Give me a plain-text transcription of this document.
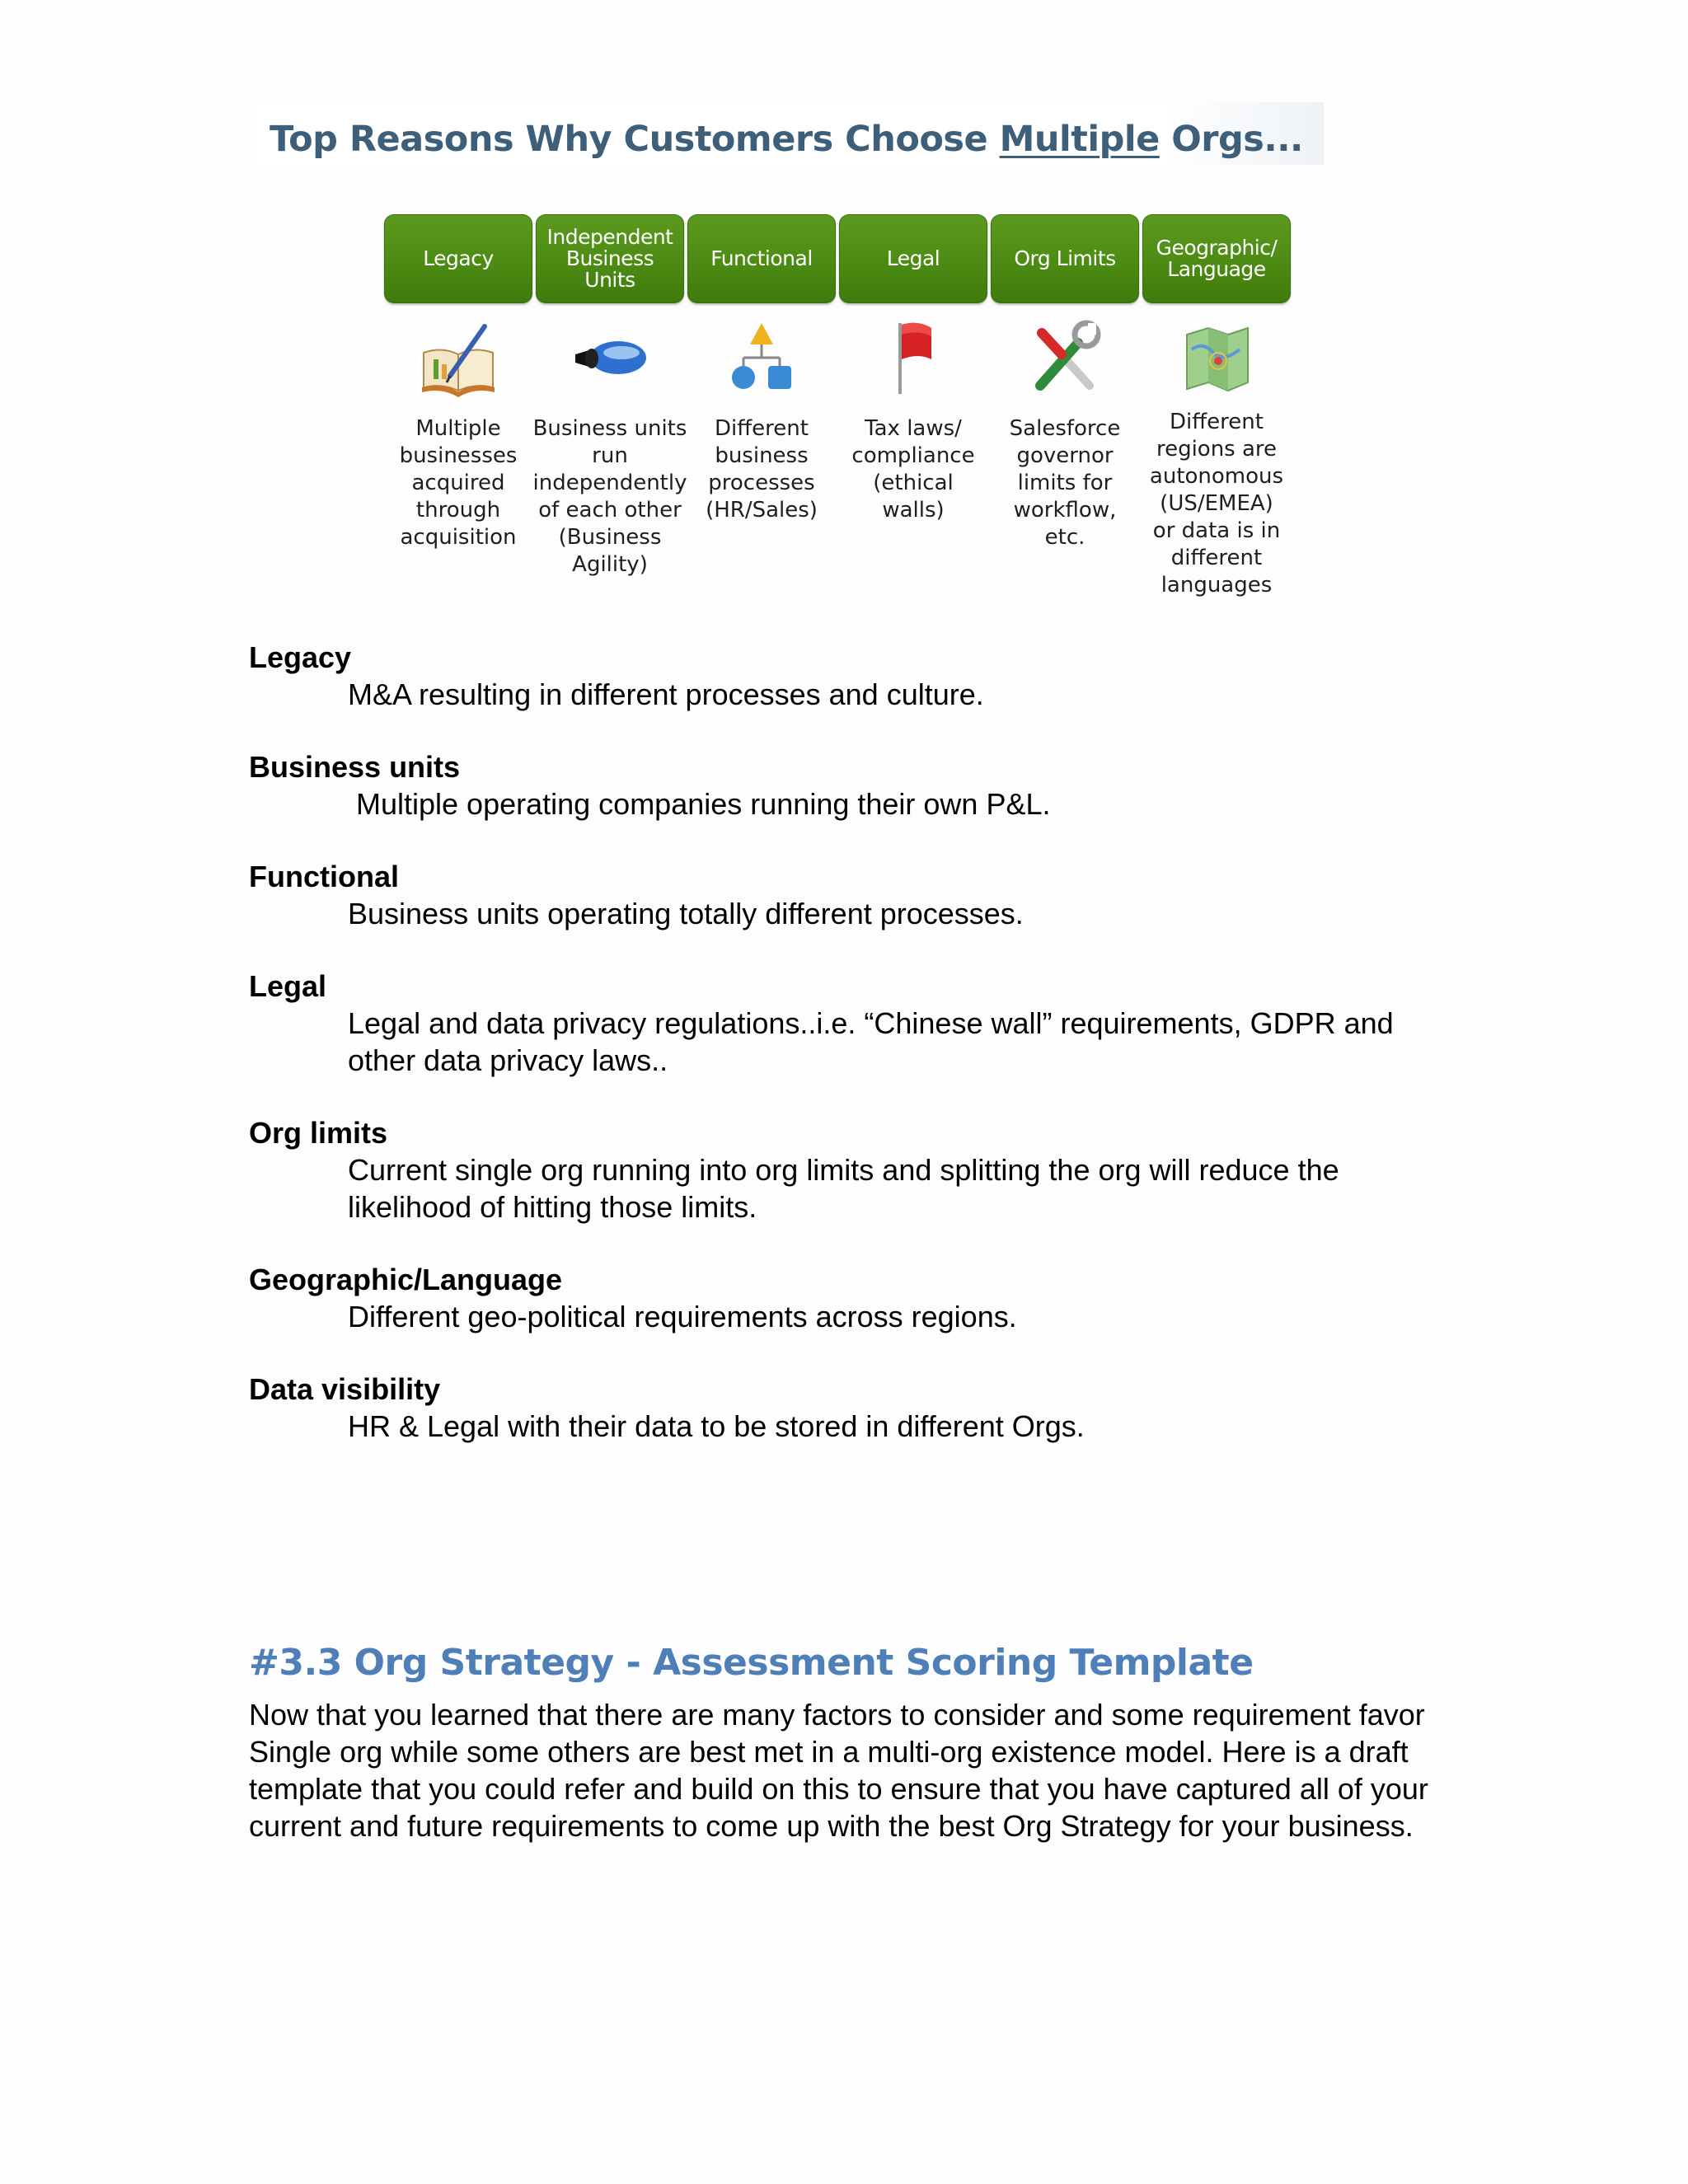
Top Reasons Why Customers Choose Multiple Orgs...
Legacy
Multiple
businesses
acquired
through
acquisition
Independent
Business
Units
Business units
run
independently
of each other
(Business
Agility)
Functional
Different
business
processes
(HR/Sales)
Legal
Tax laws/
compliance
(ethical
walls)
Org Limits
Salesforce
governor
limits for
workflow,
etc.
Geographic/
Language
Different
regions are
autonomous
(US/EMEA)
or data is in
different
languages
Legacy
M&A resulting in different processes and culture.
Business units
Multiple operating companies running their own P&L.
Functional
Business units operating totally different processes.
Legal
Legal and data privacy regulations..i.e. “Chinese wall” requirements, GDPR and other data privacy laws..
Org limits
Current single org running into org limits and splitting the org will reduce the likelihood of hitting those limits.
Geographic/Language
Different geo-political requirements across regions.
Data visibility
HR & Legal with their data to be stored in different Orgs.
#3.3 Org Strategy - Assessment Scoring Template
Now that you learned that there are many factors to consider and some requirement favor Single org while some others are best met in a multi-org existence model. Here is a draft template that you could refer and build on this to ensure that you have captured all of your current and future requirements to come up with the best Org Strategy for your business.
